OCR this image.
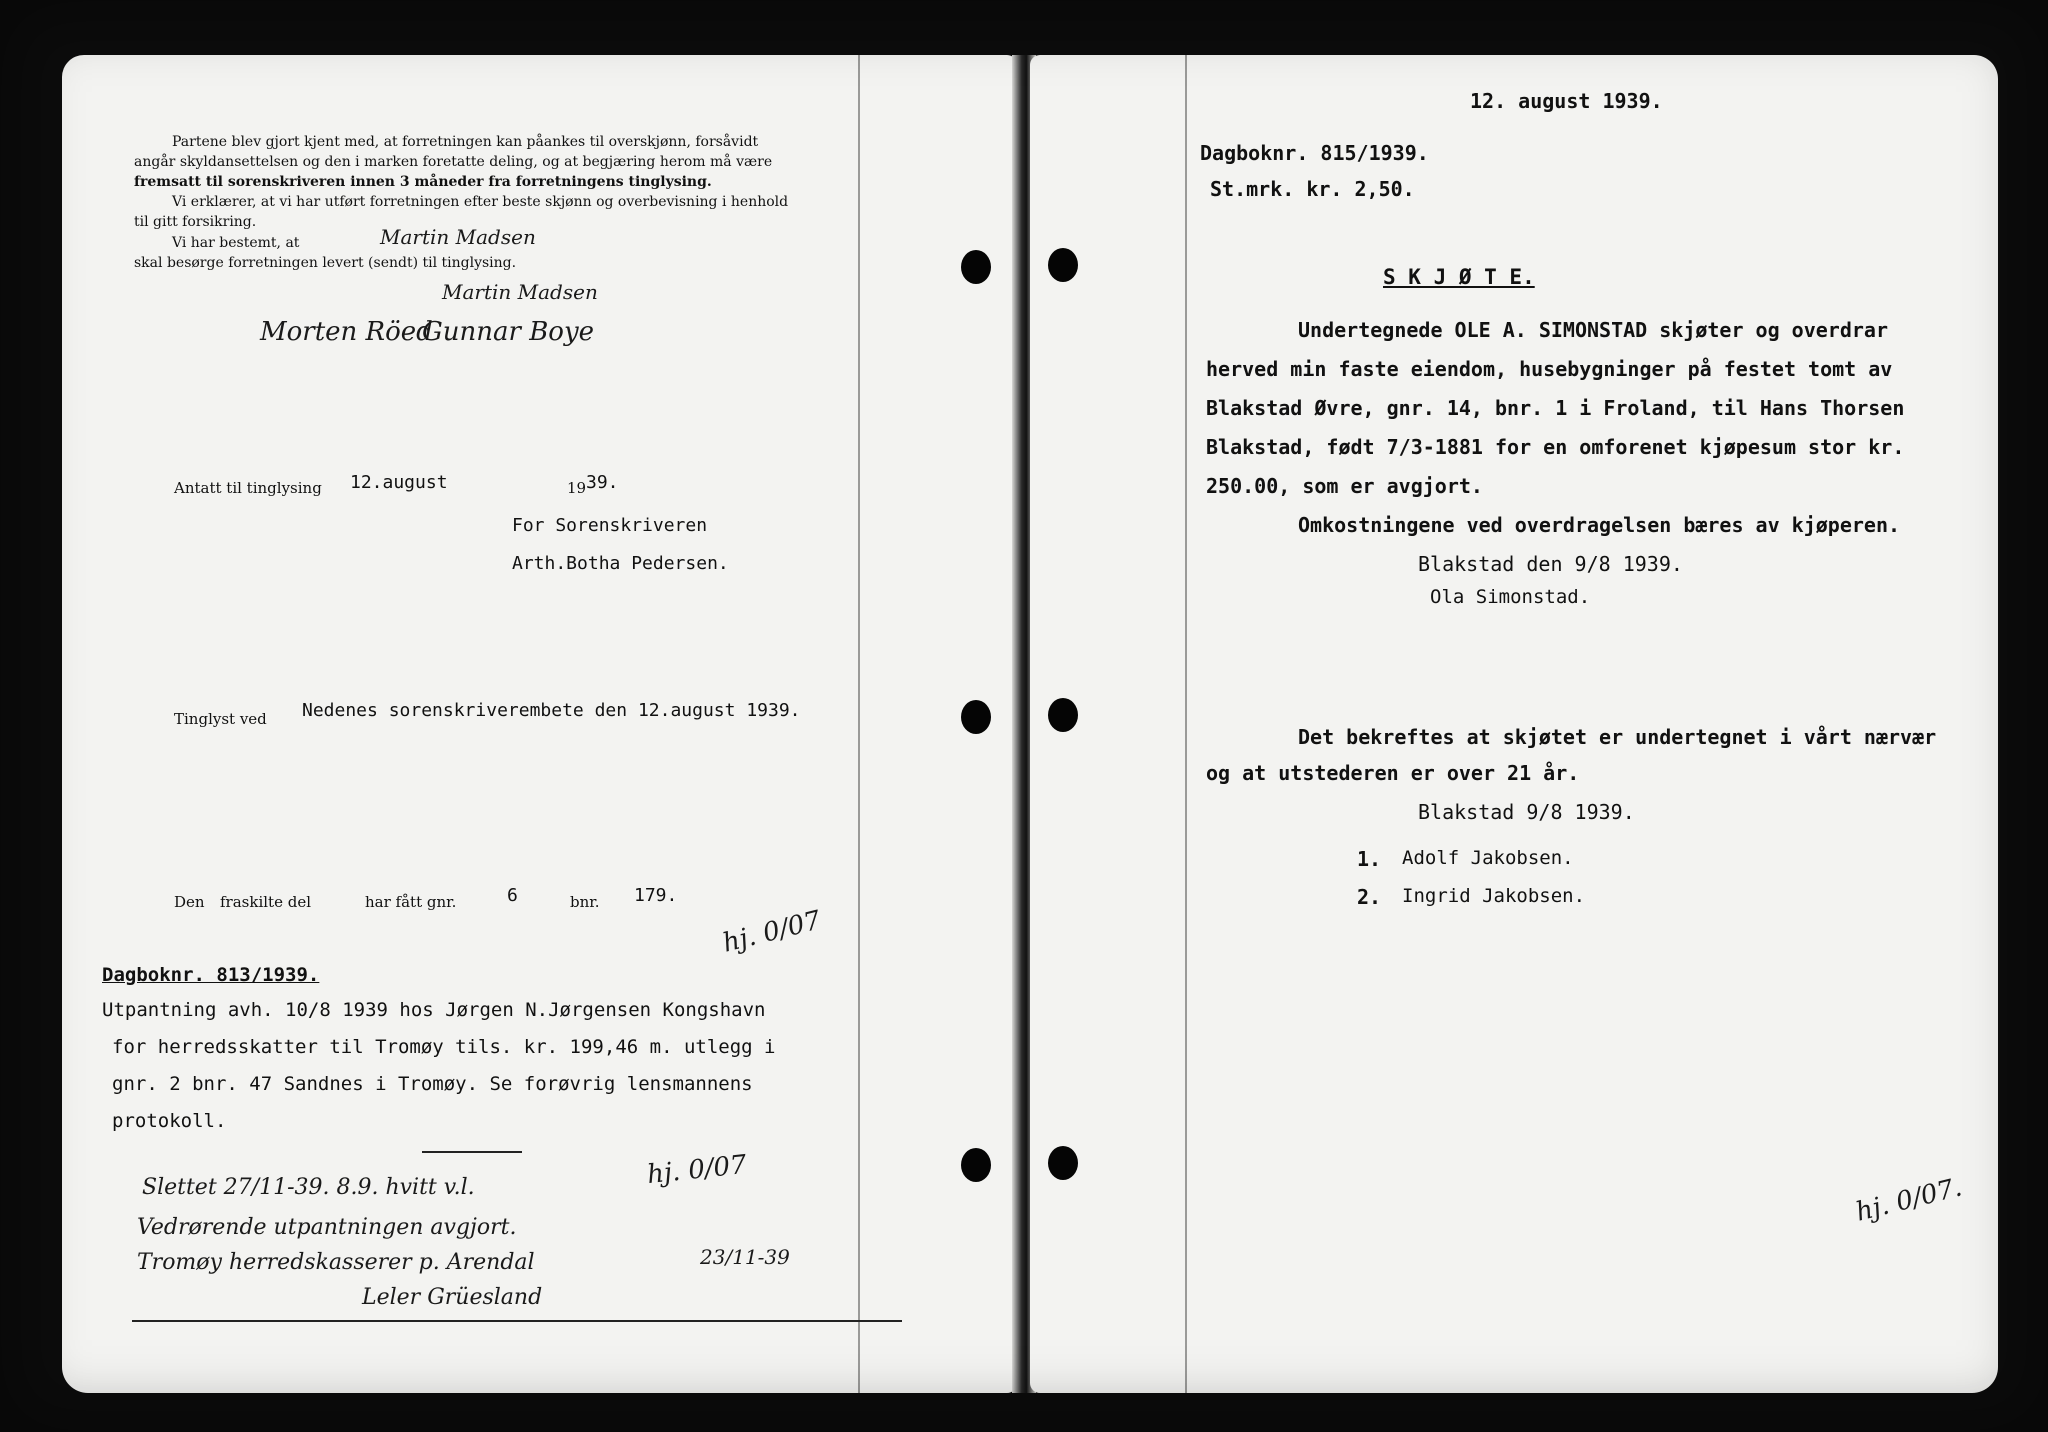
Partene blev gjort kjent med, at forretningen kan påankes til overskjønn, forsåvidt
angår skyldansettelsen og den i marken foretatte deling, og at begjæring herom må være
fremsatt til sorenskriveren innen 3 måneder fra forretningens tinglysing.
Vi erklærer, at vi har utført forretningen efter beste skjønn og overbevisning i henhold
til gitt forsikring.
Vi har bestemt, at	Martin Madsen
skal besørge forretningen levert (sendt) til tinglysing.
Martin Madsen
Morten Röed
Gunnar Boye
Antatt til tinglysing 12.august	19 39.
For Sorenskriveren
Arth.Botha Pedersen.
Tinglyst ved Nedenes sorenskriverembete den 12.august 1939.
Den fraskilte del	har fått gnr.	6	bnr. 179.
hj. 0/07
Dagboknr. 813/1939.
Utpantning avh. 10/8 1939 hos Jørgen N.Jørgensen Kongshavn
for herredsskatter til Tromøy tils. kr. 199,46 m. utlegg i
gnr. 2 bnr. 47 Sandnes i Tromøy. Se forøvrig lensmannens
protokoll.
hj. 0/07
Slettet 27/11-39. 8.9. hvitt v.l.
Vedrørende utpantningen avgjort.
Tromøy herredskasserer p. Arendal	23/11-39
Leler Grüesland
12. august 1939.
Dagboknr. 815/1939.
St.mrk. kr. 2,50.
S K J Ø T E.
Undertegnede OLE A. SIMONSTAD skjøter og overdrar
herved min faste eiendom, husebygninger på festet tomt av
Blakstad Øvre, gnr. 14, bnr. 1 i Froland, til Hans Thorsen
Blakstad, født 7/3-1881 for en omforenet kjøpesum stor kr.
250.00, som er avgjort.
Omkostningene ved overdragelsen bæres av kjøperen.
Blakstad den 9/8 1939.
Ola Simonstad.
Det bekreftes at skjøtet er undertegnet i vårt nærvær
og at utstederen er over 21 år.
Blakstad 9/8 1939.
1. Adolf Jakobsen.
2. Ingrid Jakobsen.
hj. 0/07.
